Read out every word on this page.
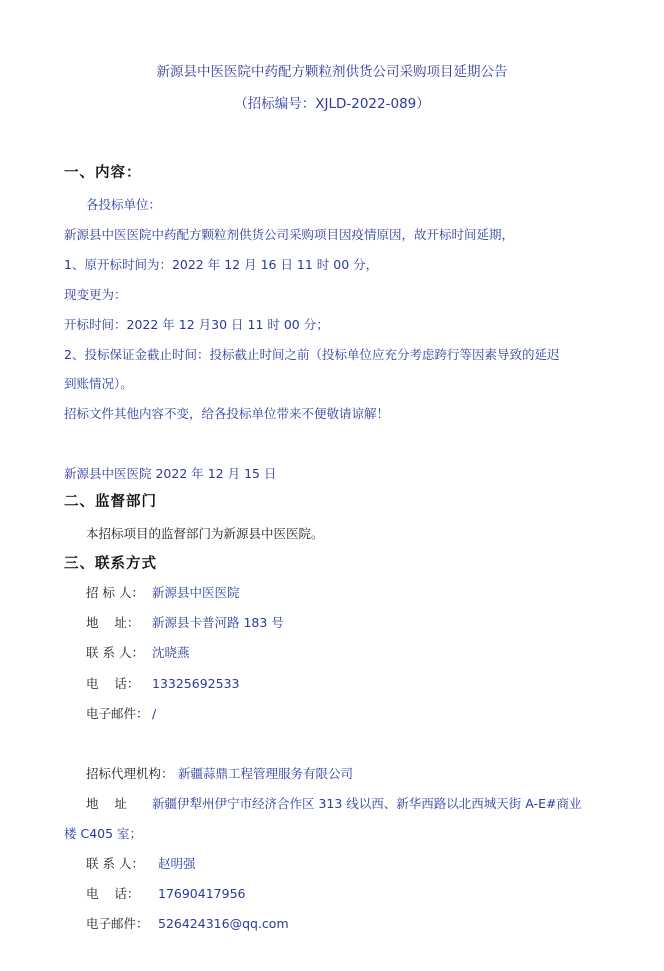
新源县中医医院中药配方颗粒剂供货公司采购项目延期公告
（招标编号：XJLD-2022-089）
一、内容：
各投标单位：
新源县中医医院中药配方颗粒剂供货公司采购项目因疫情原因，故开标时间延期，
1、原开标时间为：2022 年 12 月 16 日 11 时 00 分，
现变更为：
开标时间：2022 年 12 月30 日 11 时 00 分；
2、投标保证金截止时间：投标截止时间之前（投标单位应充分考虑跨行等因素导致的延迟
到账情况）。
招标文件其他内容不变，给各投标单位带来不便敬请谅解！
新源县中医医院 2022 年 12 月 15 日
二、监督部门
本招标项目的监督部门为新源县中医医院。
三、联系方式
招 标 人： 新源县中医医院
地    址： 新源县卡普河路 183 号
联 系 人： 沈晓燕
电    话： 13325692533
电子邮件： /
招标代理机构： 新疆蒜鼎工程管理服务有限公司
地    址 新疆伊犁州伊宁市经济合作区 313 线以西、新华西路以北西城天街 A-E#商业
楼 C405 室；
联 系 人： 赵明强
电    话： 17690417956
电子邮件： 526424316@qq.com
